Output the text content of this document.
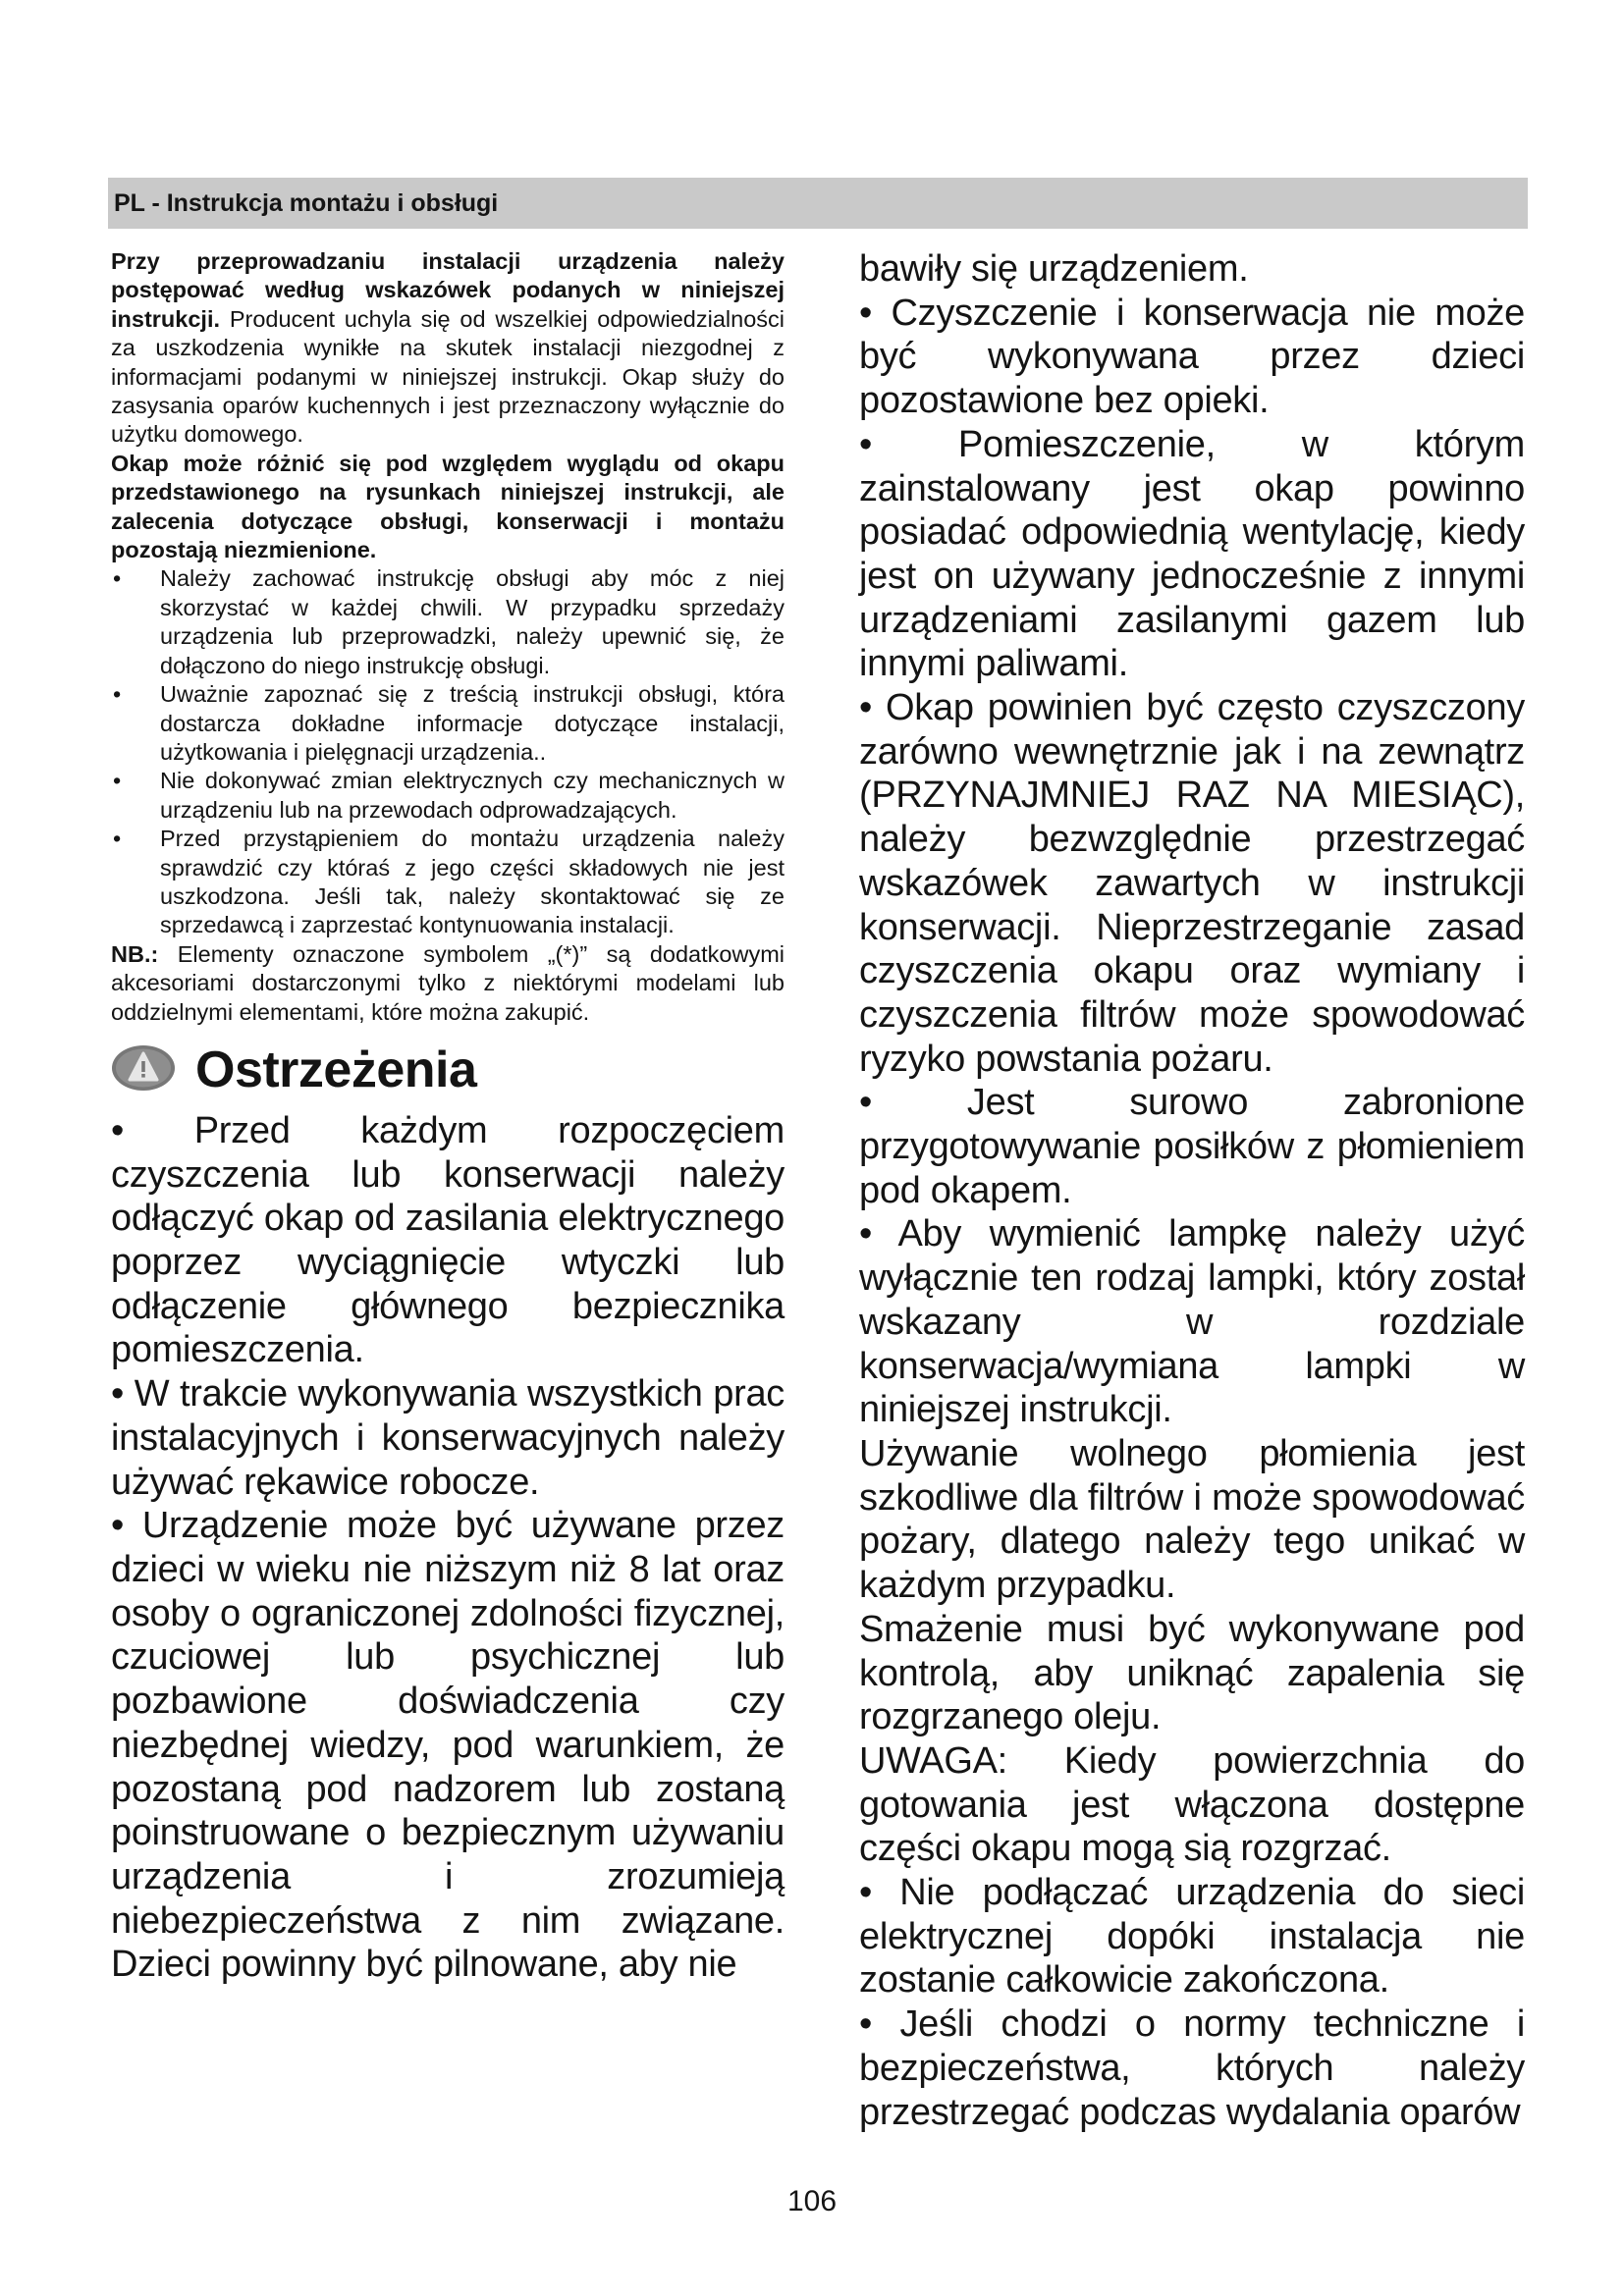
PL - Instrukcja montażu i obsługi

Przy przeprowadzaniu instalacji urządzenia należy postępować według wskazówek podanych w niniejszej instrukcji. Producent uchyla się od wszelkiej odpowiedzialności za uszkodzenia wynikłe na skutek instalacji niezgodnej z informacjami podanymi w niniejszej instrukcji. Okap służy do zasysania oparów kuchennych i jest przeznaczony wyłącznie do użytku domowego.

Okap może różnić się pod względem wyglądu od okapu przedstawionego na rysunkach niniejszej instrukcji, ale zalecenia dotyczące obsługi, konserwacji i montażu pozostają niezmienione.

• Należy zachować instrukcję obsługi aby móc z niej skorzystać w każdej chwili. W przypadku sprzedaży urządzenia lub przeprowadzki, należy upewnić się, że dołączono do niego instrukcję obsługi.
• Uważnie zapoznać się z treścią instrukcji obsługi, która dostarcza dokładne informacje dotyczące instalacji, użytkowania i pielęgnacji urządzenia..
• Nie dokonywać zmian elektrycznych czy mechanicznych w urządzeniu lub na przewodach odprowadzających.
• Przed przystąpieniem do montażu urządzenia należy sprawdzić czy któraś z jego części składowych nie jest uszkodzona. Jeśli tak, należy skontaktować się ze sprzedawcą i zaprzestać kontynuowania instalacji.

NB.: Elementy oznaczone symbolem „(*)” są dodatkowymi akcesoriami dostarczonymi tylko z niektórymi modelami lub oddzielnymi elementami, które można zakupić.

Ostrzeżenia

• Przed każdym rozpoczęciem czyszczenia lub konserwacji należy odłączyć okap od zasilania elektrycznego poprzez wyciągnięcie wtyczki lub odłączenie głównego bezpiecznika pomieszczenia.

• W trakcie wykonywania wszystkich prac instalacyjnych i konserwacyjnych należy używać rękawice robocze.

• Urządzenie może być używane przez dzieci w wieku nie niższym niż 8 lat oraz osoby o ograniczonej zdolności fizycznej, czuciowej lub psychicznej lub pozbawione doświadczenia czy niezbędnej wiedzy, pod warunkiem, że pozostaną pod nadzorem lub zostaną poinstruowane o bezpiecznym używaniu urządzenia i zrozumieją niebezpieczeństwa z nim związane. Dzieci powinny być pilnowane, aby nie

bawiły się urządzeniem.

• Czyszczenie i konserwacja nie może być wykonywana przez dzieci pozostawione bez opieki.

• Pomieszczenie, w którym zainstalowany jest okap powinno posiadać odpowiednią wentylację, kiedy jest on używany jednocześnie z innymi urządzeniami zasilanymi gazem lub innymi paliwami.

• Okap powinien być często czyszczony zarówno wewnętrznie jak i na zewnątrz (PRZYNAJMNIEJ RAZ NA MIESIĄC), należy bezwzględnie przestrzegać wskazówek zawartych w instrukcji konserwacji. Nieprzestrzeganie zasad czyszczenia okapu oraz wymiany i czyszczenia filtrów może spowodować ryzyko powstania pożaru.

• Jest surowo zabronione przygotowywanie posiłków z płomieniem pod okapem.

• Aby wymienić lampkę należy użyć wyłącznie ten rodzaj lampki, który został wskazany w rozdziale konserwacja/wymiana lampki w niniejszej instrukcji.

Używanie wolnego płomienia jest szkodliwe dla filtrów i może spowodować pożary, dlatego należy tego unikać w każdym przypadku.

Smażenie musi być wykonywane pod kontrolą, aby uniknąć zapalenia się rozgrzanego oleju.

UWAGA: Kiedy powierzchnia do gotowania jest włączona dostępne części okapu mogą sią rozgrzać.

• Nie podłączać urządzenia do sieci elektrycznej dopóki instalacja nie zostanie całkowicie zakończona.

• Jeśli chodzi o normy techniczne i bezpieczeństwa, których należy przestrzegać podczas wydalania oparów

106
